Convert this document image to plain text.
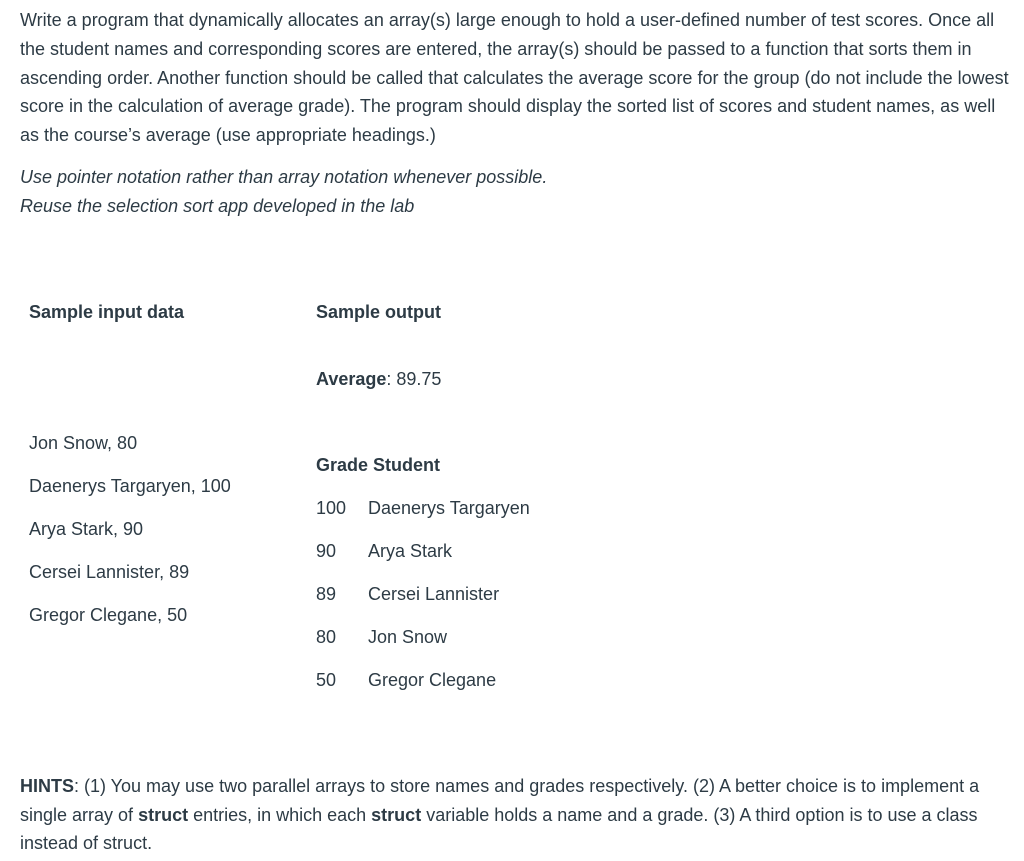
Write a program that dynamically allocates an array(s) large enough to hold a user-defined number of test scores. Once all the student names and corresponding scores are entered, the array(s) should be passed to a function that sorts them in ascending order. Another function should be called that calculates the average score for the group (do not include the lowest score in the calculation of average grade). The program should display the sorted list of scores and student names, as well as the course’s average (use appropriate headings.)

Use pointer notation rather than array notation whenever possible.
Reuse the selection sort app developed in the lab

Sample input data	Sample output

Average: 89.75

Jon Snow, 80
Daenerys Targaryen, 100
Arya Stark, 90
Cersei Lannister, 89
Gregor Clegane, 50

Grade Student

100 Daenerys Targaryen
90 Arya Stark
89 Cersei Lannister
80 Jon Snow
50 Gregor Clegane

HINTS: (1) You may use two parallel arrays to store names and grades respectively. (2) A better choice is to implement a single array of struct entries, in which each struct variable holds a name and a grade. (3) A third option is to use a class instead of struct.
